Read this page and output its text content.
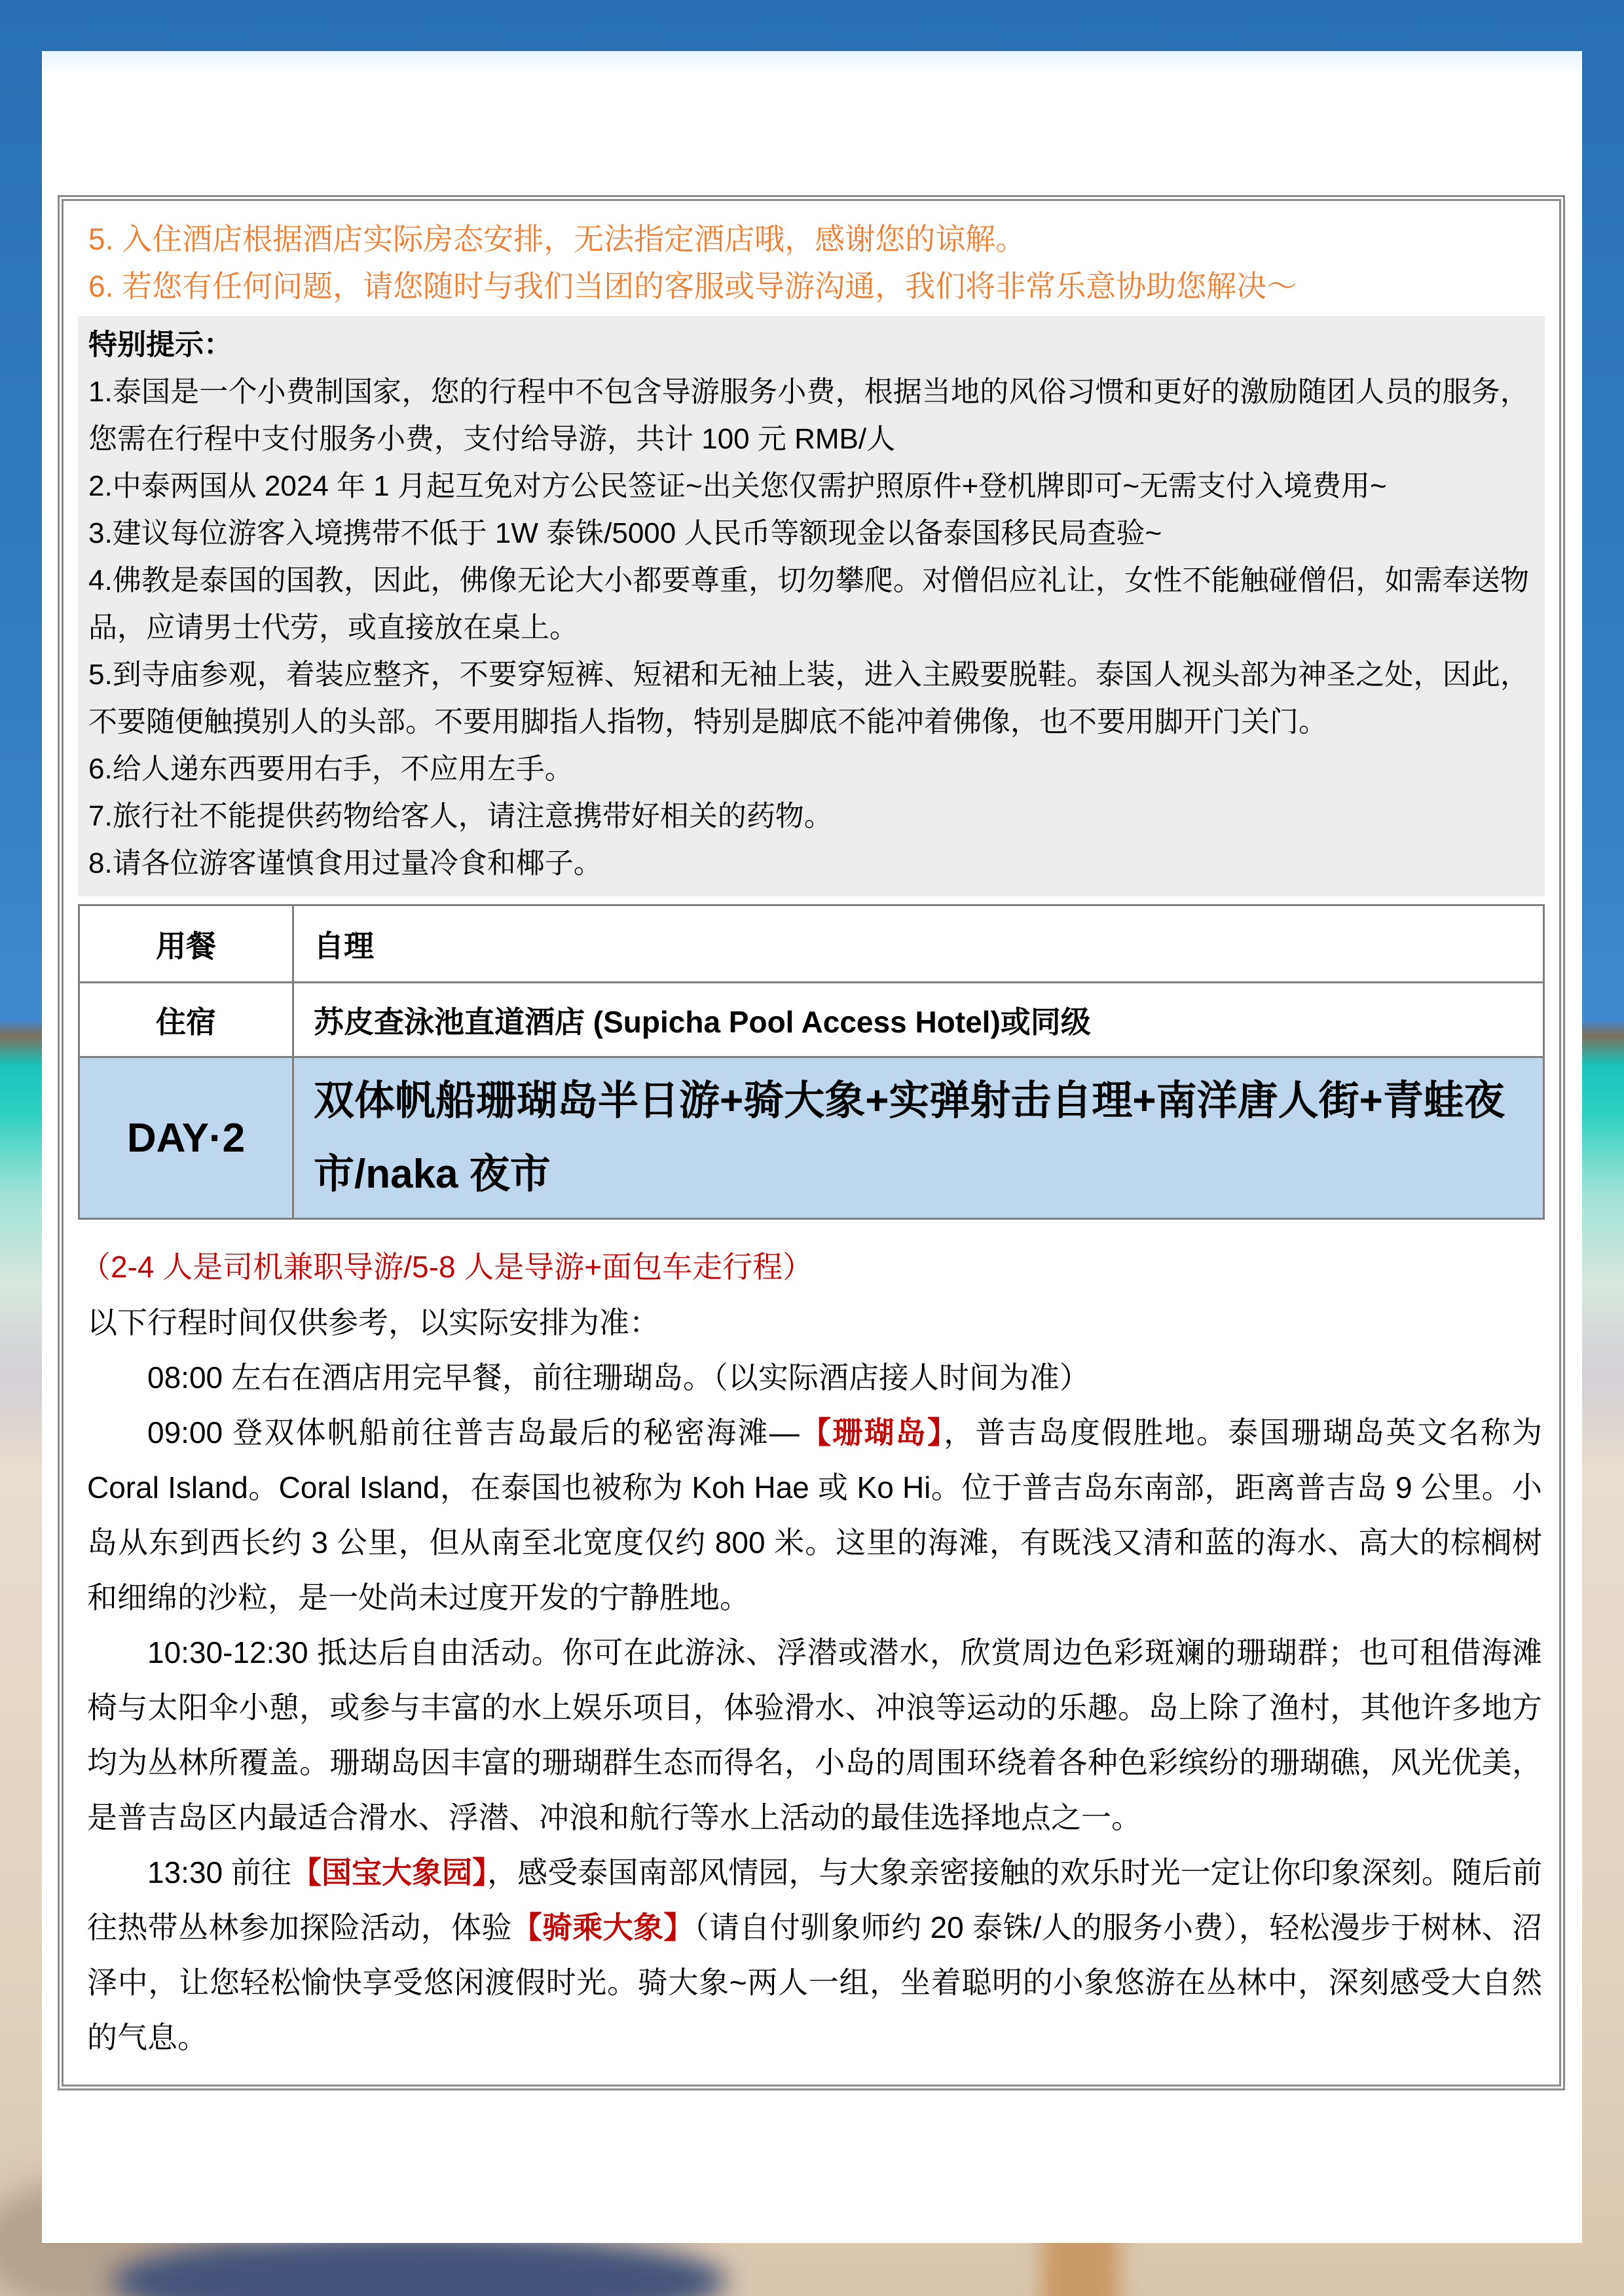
5. 入住酒店根据酒店实际房态安排，无法指定酒店哦，感谢您的谅解。

6. 若您有任何问题，请您随时与我们当团的客服或导游沟通，我们将非常乐意协助您解决～

特别提示：

1.泰国是一个小费制国家，您的行程中不包含导游服务小费，根据当地的风俗习惯和更好的激励随团人员的服务，您需在行程中支付服务小费，支付给导游，共计 100 元 RMB/人

2.中泰两国从 2024 年 1 月起互免对方公民签证~出关您仅需护照原件+登机牌即可~无需支付入境费用~

3.建议每位游客入境携带不低于 1W 泰铢/5000 人民币等额现金以备泰国移民局查验~

4.佛教是泰国的国教，因此，佛像无论大小都要尊重，切勿攀爬。对僧侣应礼让，女性不能触碰僧侣，如需奉送物品，应请男士代劳，或直接放在桌上。

5.到寺庙参观，着装应整齐，不要穿短裤、短裙和无袖上装，进入主殿要脱鞋。泰国人视头部为神圣之处，因此，不要随便触摸别人的头部。不要用脚指人指物，特别是脚底不能冲着佛像，也不要用脚开门关门。

6.给人递东西要用右手，不应用左手。

7.旅行社不能提供药物给客人，请注意携带好相关的药物。

8.请各位游客谨慎食用过量冷食和椰子。

用餐	自理
住宿	苏皮查泳池直道酒店 (Supicha Pool Access Hotel)或同级
DAY·2	双体帆船珊瑚岛半日游+骑大象+实弹射击自理+南洋唐人街+青蛙夜市/naka 夜市

（2-4 人是司机兼职导游/5-8 人是导游+面包车走行程）

以下行程时间仅供参考，以实际安排为准：

08:00 左右在酒店用完早餐，前往珊瑚岛。（以实际酒店接人时间为准）

09:00 登双体帆船前往普吉岛最后的秘密海滩—【珊瑚岛】，普吉岛度假胜地。泰国珊瑚岛英文名称为 Coral Island。Coral Island，在泰国也被称为 Koh Hae 或 Ko Hi。位于普吉岛东南部，距离普吉岛 9 公里。小岛从东到西长约 3 公里，但从南至北宽度仅约 800 米。这里的海滩，有既浅又清和蓝的海水、高大的棕榈树和细绵的沙粒，是一处尚未过度开发的宁静胜地。

10:30-12:30 抵达后自由活动。你可在此游泳、浮潜或潜水，欣赏周边色彩斑斓的珊瑚群；也可租借海滩椅与太阳伞小憩，或参与丰富的水上娱乐项目，体验滑水、冲浪等运动的乐趣。岛上除了渔村，其他许多地方均为丛林所覆盖。珊瑚岛因丰富的珊瑚群生态而得名，小岛的周围环绕着各种色彩缤纷的珊瑚礁，风光优美，是普吉岛区内最适合滑水、浮潜、冲浪和航行等水上活动的最佳选择地点之一。

13:30 前往【国宝大象园】，感受泰国南部风情园，与大象亲密接触的欢乐时光一定让你印象深刻。随后前往热带丛林参加探险活动，体验【骑乘大象】（请自付驯象师约 20 泰铢/人的服务小费），轻松漫步于树林、沼泽中，让您轻松愉快享受悠闲渡假时光。骑大象~两人一组，坐着聪明的小象悠游在丛林中，深刻感受大自然的气息。
